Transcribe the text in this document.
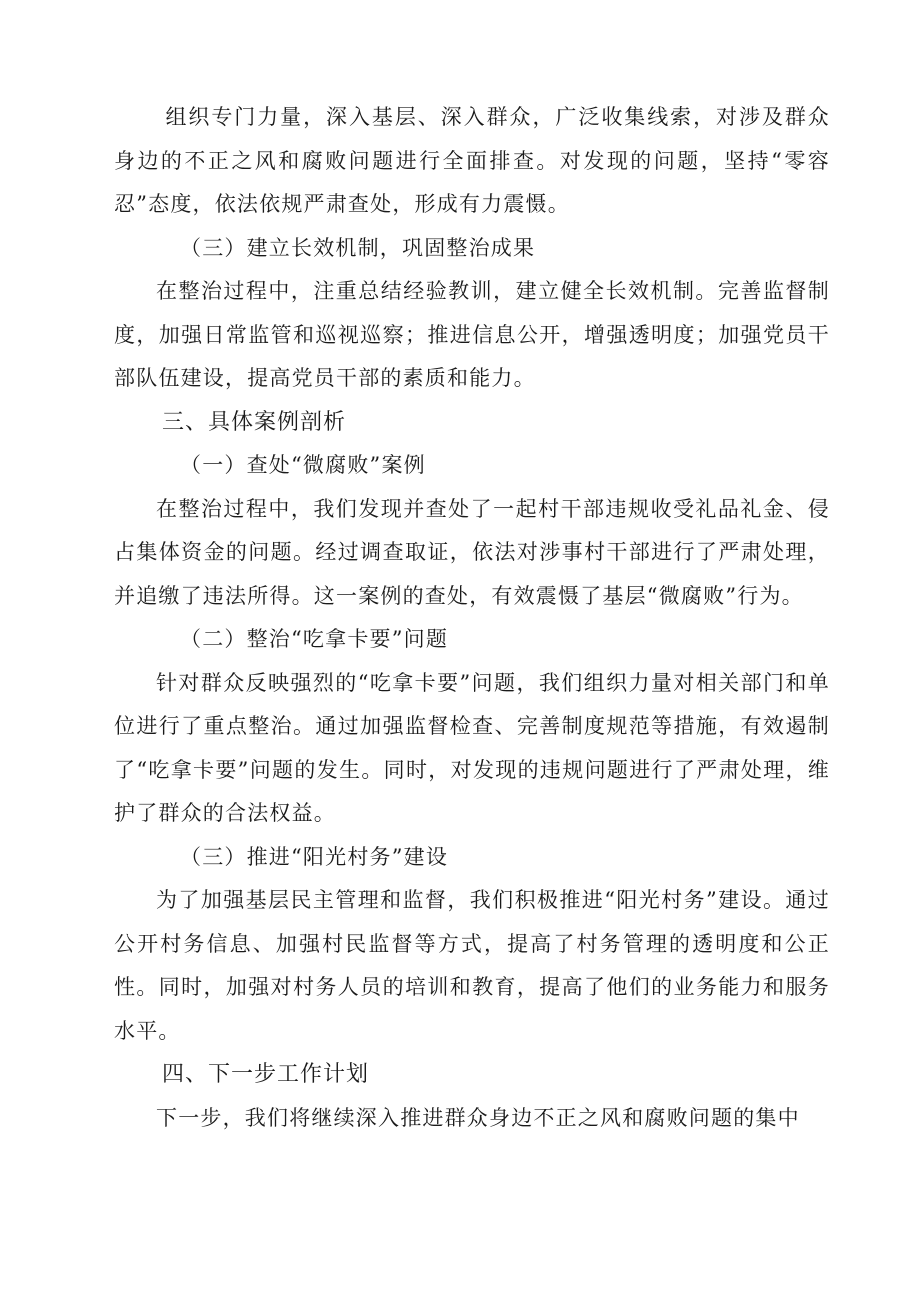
组织专门力量，深入基层、深入群众，广泛收集线索，对涉及群众身边的不正之风和腐败问题进行全面排查。对发现的问题，坚持“零容忍”态度，依法依规严肃查处，形成有力震慑。

（三）建立长效机制，巩固整治成果

在整治过程中，注重总结经验教训，建立健全长效机制。完善监督制度，加强日常监管和巡视巡察；推进信息公开，增强透明度；加强党员干部队伍建设，提高党员干部的素质和能力。

三、具体案例剖析

（一）查处“微腐败”案例

在整治过程中，我们发现并查处了一起村干部违规收受礼品礼金、侵占集体资金的问题。经过调查取证，依法对涉事村干部进行了严肃处理，并追缴了违法所得。这一案例的查处，有效震慑了基层“微腐败”行为。

（二）整治“吃拿卡要”问题

针对群众反映强烈的“吃拿卡要”问题，我们组织力量对相关部门和单位进行了重点整治。通过加强监督检查、完善制度规范等措施，有效遏制了“吃拿卡要”问题的发生。同时，对发现的违规问题进行了严肃处理，维护了群众的合法权益。

（三）推进“阳光村务”建设

为了加强基层民主管理和监督，我们积极推进“阳光村务”建设。通过公开村务信息、加强村民监督等方式，提高了村务管理的透明度和公正性。同时，加强对村务人员的培训和教育，提高了他们的业务能力和服务水平。

四、下一步工作计划

下一步，我们将继续深入推进群众身边不正之风和腐败问题的集中
